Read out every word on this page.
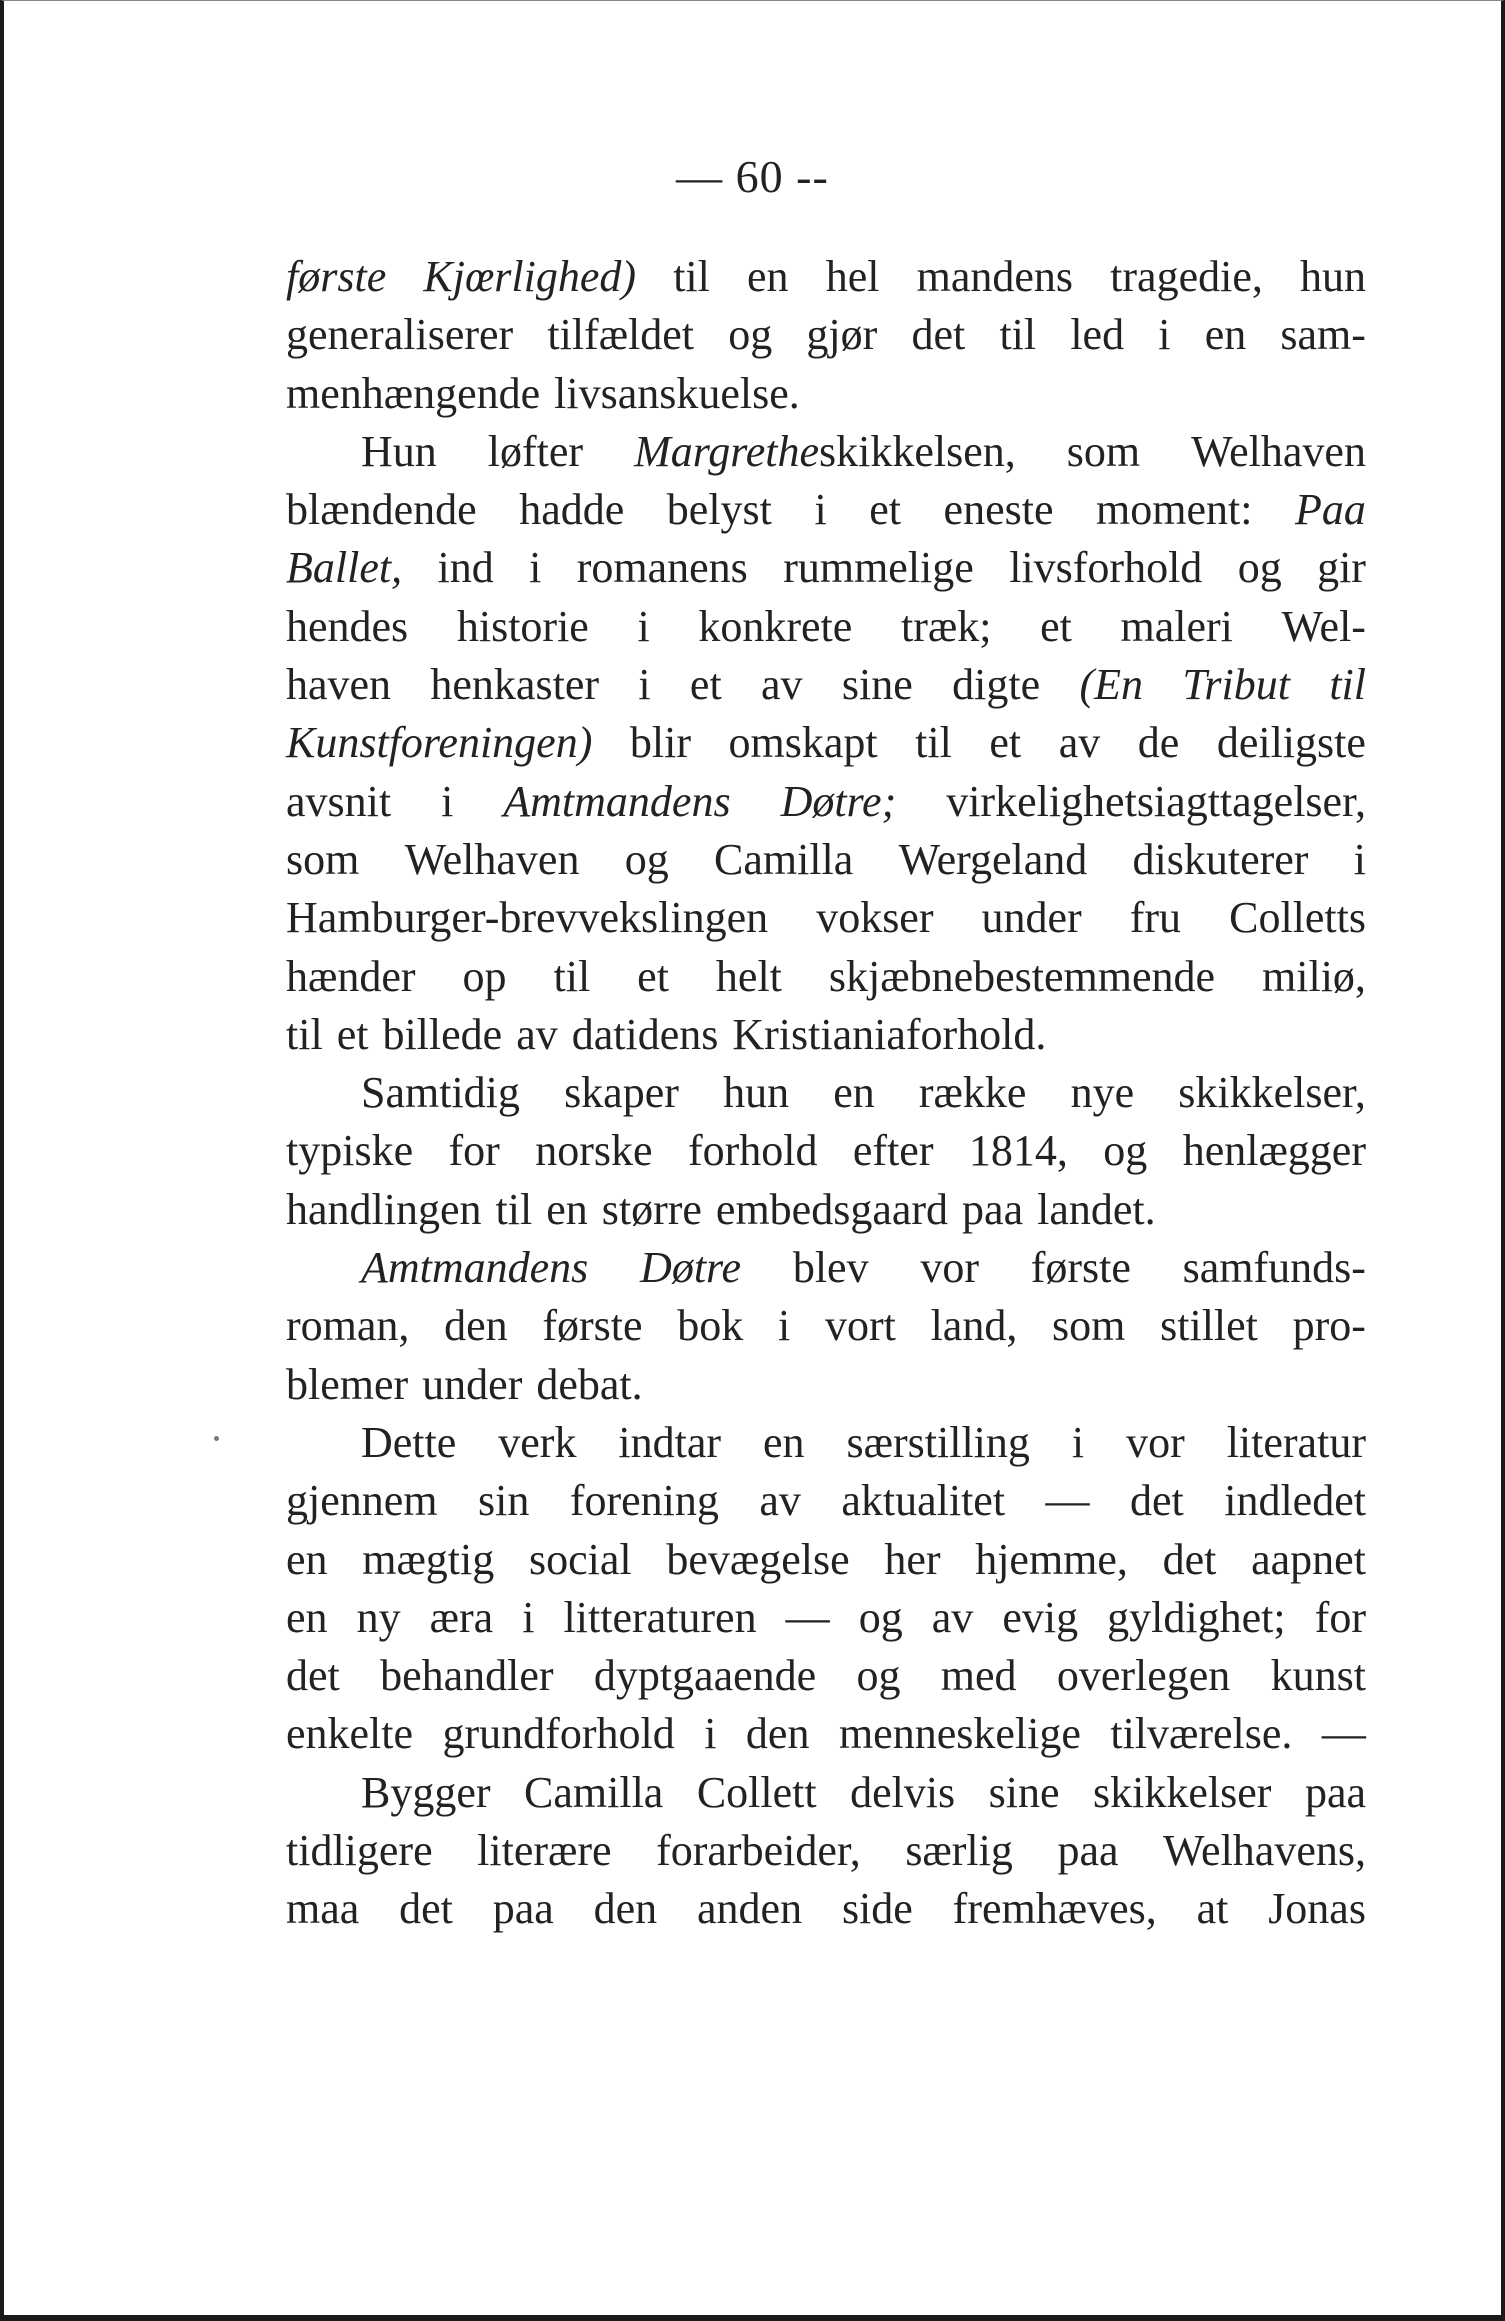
— 60 --
første Kjœrlighed) til en hel mandens tragedie, hun
generaliserer tilfældet og gjør det til led i en sam-
menhængende livsanskuelse.
Hun løfter Margretheskikkelsen, som Welhaven
blændende hadde belyst i et eneste moment: Paa
Ballet, ind i romanens rummelige livsforhold og gir
hendes historie i konkrete træk; et maleri Wel-
haven henkaster i et av sine digte (En Tribut til
Kunstforeningen) blir omskapt til et av de deiligste
avsnit i Amtmandens Døtre; virkelighetsiagttagelser,
som Welhaven og Camilla Wergeland diskuterer i
Hamburger-brevvekslingen vokser under fru Colletts
hænder op til et helt skjæbnebestemmende miliø,
til et billede av datidens Kristianiaforhold.
Samtidig skaper hun en række nye skikkelser,
typiske for norske forhold efter 1814, og henlægger
handlingen til en større embedsgaard paa landet.
Amtmandens Døtre blev vor første samfunds-
roman, den første bok i vort land, som stillet pro-
blemer under debat.
Dette verk indtar en særstilling i vor literatur
gjennem sin forening av aktualitet — det indledet
en mægtig social bevægelse her hjemme, det aapnet
en ny æra i litteraturen — og av evig gyldighet; for
det behandler dyptgaaende og med overlegen kunst
enkelte grundforhold i den menneskelige tilværelse. —
Bygger Camilla Collett delvis sine skikkelser paa
tidligere literære forarbeider, særlig paa Welhavens,
maa det paa den anden side fremhæves, at Jonas
